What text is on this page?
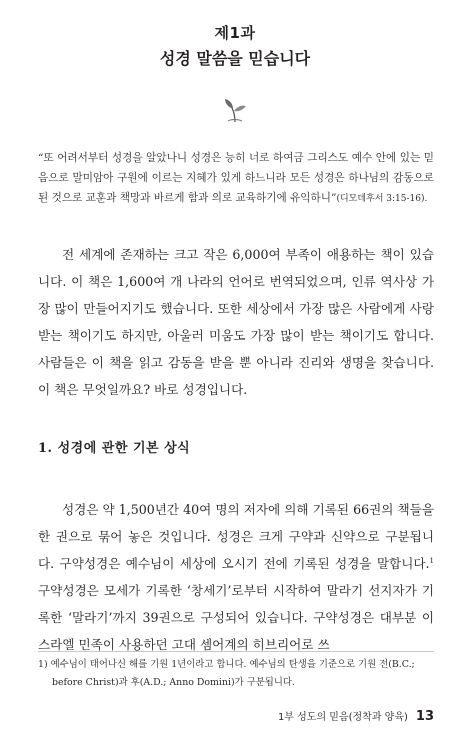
제1과
성경 말씀을 믿습니다
“또 어려서부터 성경을 알았나니 성경은 능히 너로 하여금 그리스도 예수 안에 있는 믿음으로 말미암아 구원에 이르는 지혜가 있게 하느니라 모든 성경은 하나님의 감동으로 된 것으로 교훈과 책망과 바르게 함과 의로 교육하기에 유익하니”(디모데후서 3:15-16).
전 세계에 존재하는 크고 작은 6,000여 부족이 애용하는 책이 있습니다. 이 책은 1,600여 개 나라의 언어로 번역되었으며, 인류 역사상 가장 많이 만들어지기도 했습니다. 또한 세상에서 가장 많은 사람에게 사랑받는 책이기도 하지만, 아울러 미움도 가장 많이 받는 책이기도 합니다. 사람들은 이 책을 읽고 감동을 받을 뿐 아니라 진리와 생명을 찾습니다. 이 책은 무엇일까요? 바로 성경입니다.
1. 성경에 관한 기본 상식
성경은 약 1,500년간 40여 명의 저자에 의해 기록된 66권의 책들을 한 권으로 묶어 놓은 것입니다. 성경은 크게 구약과 신약으로 구분됩니다. 구약성경은 예수님이 세상에 오시기 전에 기록된 성경을 말합니다.$^1$ 구약성경은 모세가 기록한 ‘창세기’로부터 시작하여 말라기 선지자가 기록한 ‘말라기’까지 39권으로 구성되어 있습니다. 구약성경은 대부분 이스라엘 민족이 사용하던 고대 셈어계의 히브리어로 쓰
1) 예수님이 태어나신 해를 기원 1년이라고 합니다. 예수님의 탄생을 기준으로 기원 전(B.C.; before Christ)과 후(A.D.; Anno Domini)가 구분됩니다.
1부 성도의 믿음(정착과 양육) 13
